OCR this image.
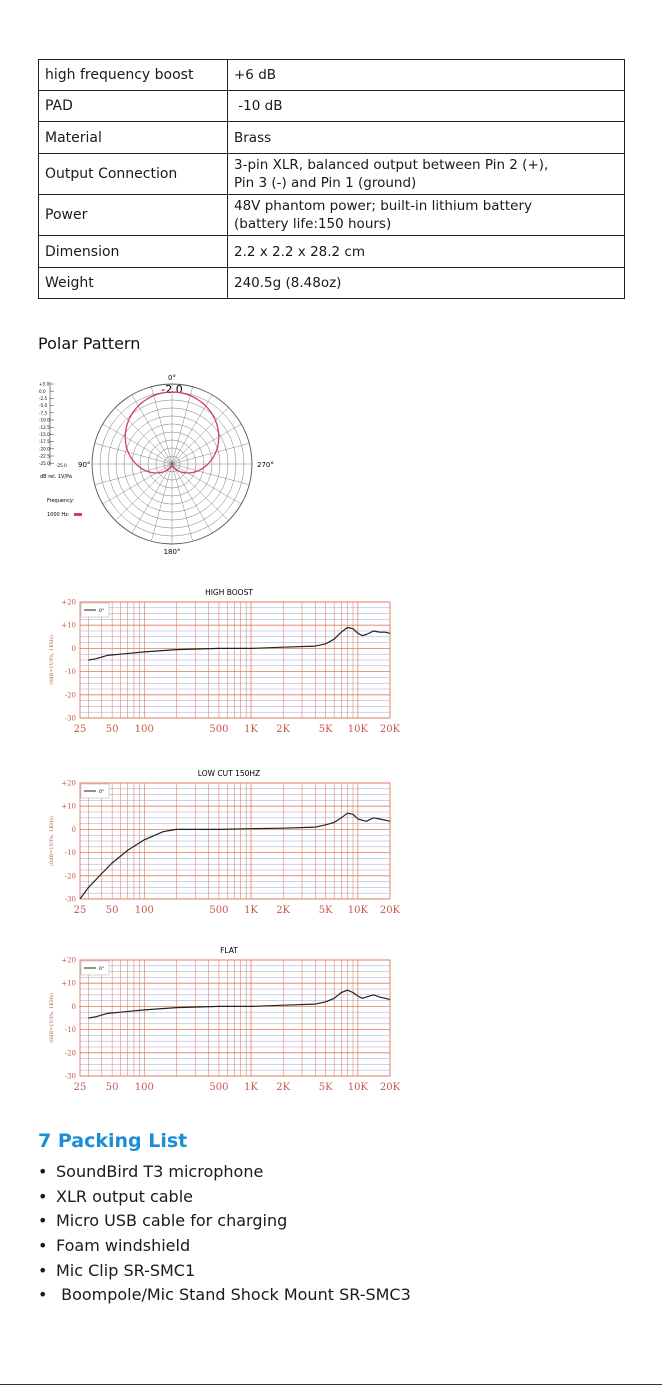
high frequency boost	+6 dB
PAD	-10 dB
Material	Brass
Output Connection	3-pin XLR, balanced output between Pin 2 (+),
Pin 3 (-) and Pin 1 (ground)

Power	48V phantom power; built-in lithium battery
(battery life:150 hours)

Dimension	2.2 x 2.2 x 28.2 cm
Weight	240.5g (8.48oz)
Polar Pattern
+5.0
0.0
-2.5
-5.0
-7.5
-10.0
-12.5
-15.0
-17.5
-20.0
-22.5
-25.0 -25.0
0°
-2.0
90°	270°
180°
dB rel. 1V/Pa
Frequency:
1000 Hz:
HIGH BOOST
+20
+10
0
-10
-20
-30
25 50 100	500 1K 2K	5K 10K 20K
(0dB=1V/Pa, 1KHz)
0°
LOW CUT 150HZ
+20
+10
0
-10
-20
-30
25 50 100	500 1K 2K	5K 10K 20K
(0dB=1V/Pa, 1KHz)
0°
FLAT
+20
+10
0
-10
-20
-30
25 50 100	500 1K 2K	5K 10K 20K
(0dB=1V/Pa, 1KHz)
0°
7 Packing List
• SoundBird T3 microphone
• XLR output cable
• Micro USB cable for charging
• Foam windshield
• Mic Clip SR-SMC1
• Boompole/Mic Stand Shock Mount SR-SMC3
